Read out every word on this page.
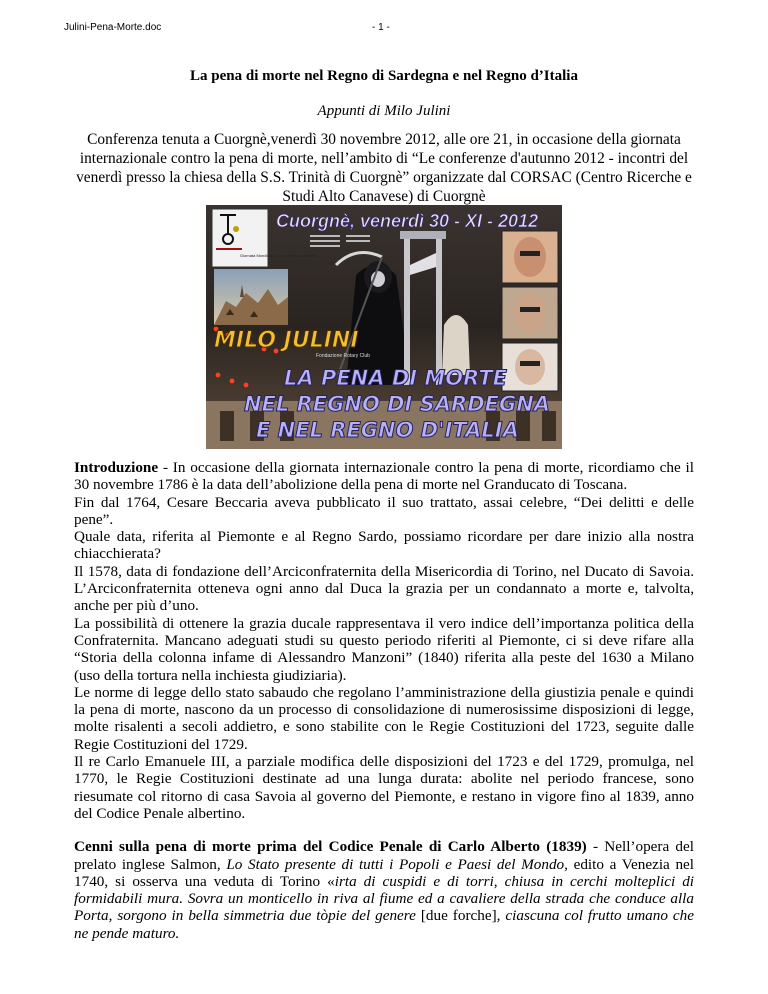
Julini-Pena-Morte.doc	- 1 -
La pena di morte nel Regno di Sardegna e nel Regno d’Italia
Appunti di Milo Julini
Conferenza tenuta a Cuorgnè,venerdì 30 novembre 2012, alle ore 21, in occasione della giornata
internazionale contro la pena di morte, nell’ambito di “Le conferenze d'autunno 2012 - incontri del
venerdì presso la chiesa della S.S. Trinità di Cuorgnè” organizzate dal CORSAC (Centro Ricerche e
Studi Alto Canavese) di Cuorgnè
Giornata Mondiale Contro la Pena di Morte
Cuorgnè, venerdì 30 - XI - 2012
MILO JULINI
Fondazione Rotary Club
LA PENA DI MORTE
NEL REGNO DI SARDEGNA
E NEL REGNO D'ITALIA

Introduzione - In occasione della giornata internazionale contro la pena di morte, ricordiamo che il 30 novembre 1786 è la data dell’abolizione della pena di morte nel Granducato di Toscana.

Fin dal 1764, Cesare Beccaria aveva pubblicato il suo trattato, assai celebre, “Dei delitti e delle pene”.

Quale data, riferita al Piemonte e al Regno Sardo, possiamo ricordare per dare inizio alla nostra chiacchierata?

Il 1578, data di fondazione dell’Arciconfraternita della Misericordia di Torino, nel Ducato di Savoia. L’Arciconfraternita otteneva ogni anno dal Duca la grazia per un condannato a morte e, talvolta, anche per più d’uno.

La possibilità di ottenere la grazia ducale rappresentava il vero indice dell’importanza politica della Confraternita. Mancano adeguati studi su questo periodo riferiti al Piemonte, ci si deve rifare alla “Storia della colonna infame di Alessandro Manzoni” (1840) riferita alla peste del 1630 a Milano (uso della tortura nella inchiesta giudiziaria).

Le norme di legge dello stato sabaudo che regolano l’amministrazione della giustizia penale e quindi la pena di morte, nascono da un processo di consolidazione di numerosissime disposizioni di legge, molte risalenti a secoli addietro, e sono stabilite con le Regie Costituzioni del 1723, seguite dalle Regie Costituzioni del 1729.

Il re Carlo Emanuele III, a parziale modifica delle disposizioni del 1723 e del 1729, promulga, nel 1770, le Regie Costituzioni destinate ad una lunga durata: abolite nel periodo francese, sono riesumate col ritorno di casa Savoia al governo del Piemonte, e restano in vigore fino al 1839, anno del Codice Penale albertino.

Cenni sulla pena di morte prima del Codice Penale di Carlo Alberto (1839) - Nell’opera del prelato inglese Salmon, Lo Stato presente di tutti i Popoli e Paesi del Mondo, edito a Venezia nel 1740, si osserva una veduta di Torino «irta di cuspidi e di torri, chiusa in cerchi molteplici di formidabili mura. Sovra un monticello in riva al fiume ed a cavaliere della strada che conduce alla Porta, sorgono in bella simmetria due tòpie del genere [due forche], ciascuna col frutto umano che ne pende maturo.
